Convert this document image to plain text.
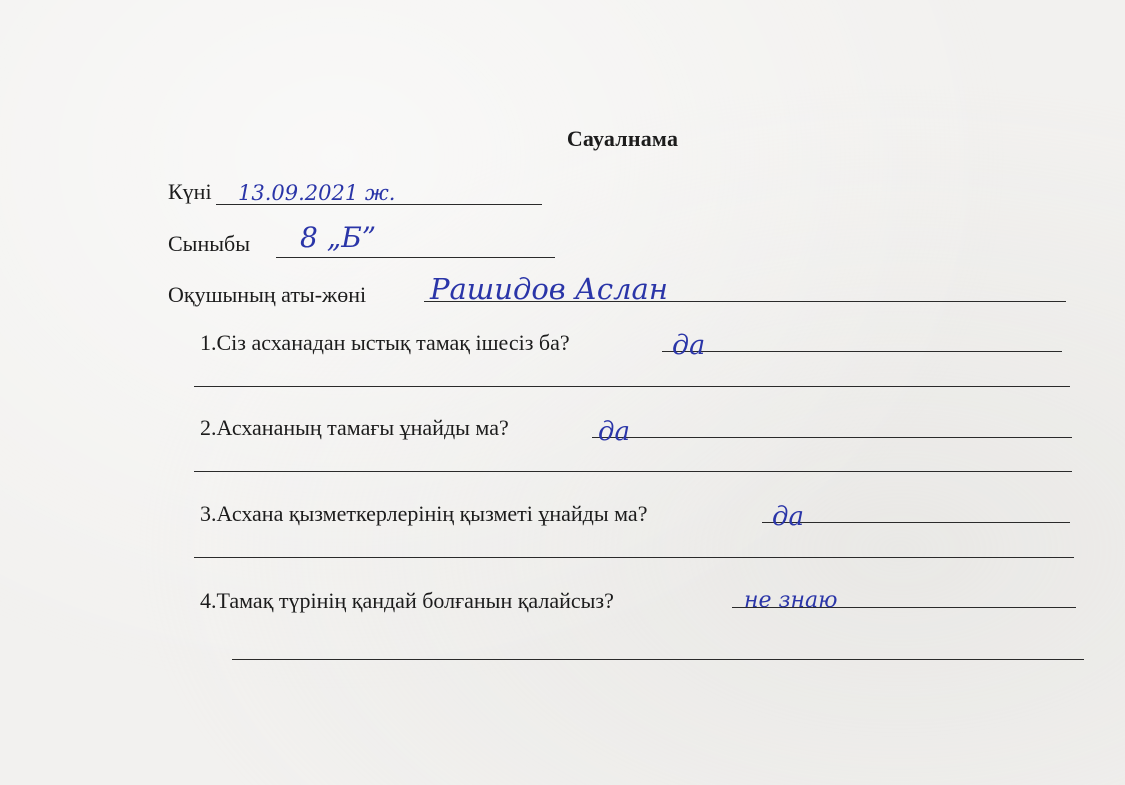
Сауалнама
Күні 13.09.2021 ж.
Сыныбы 8 „Б”
Оқушының аты-жөні Рашидов Аслан
1.Сіз асханадан ыстық тамақ ішесіз ба?	да
2.Асхананың тамағы ұнайды ма?	да
3.Асхана қызметкерлерінің қызметі ұнайды ма?	да
4.Тамақ түрінің қандай болғанын қалайсыз?	не знаю
